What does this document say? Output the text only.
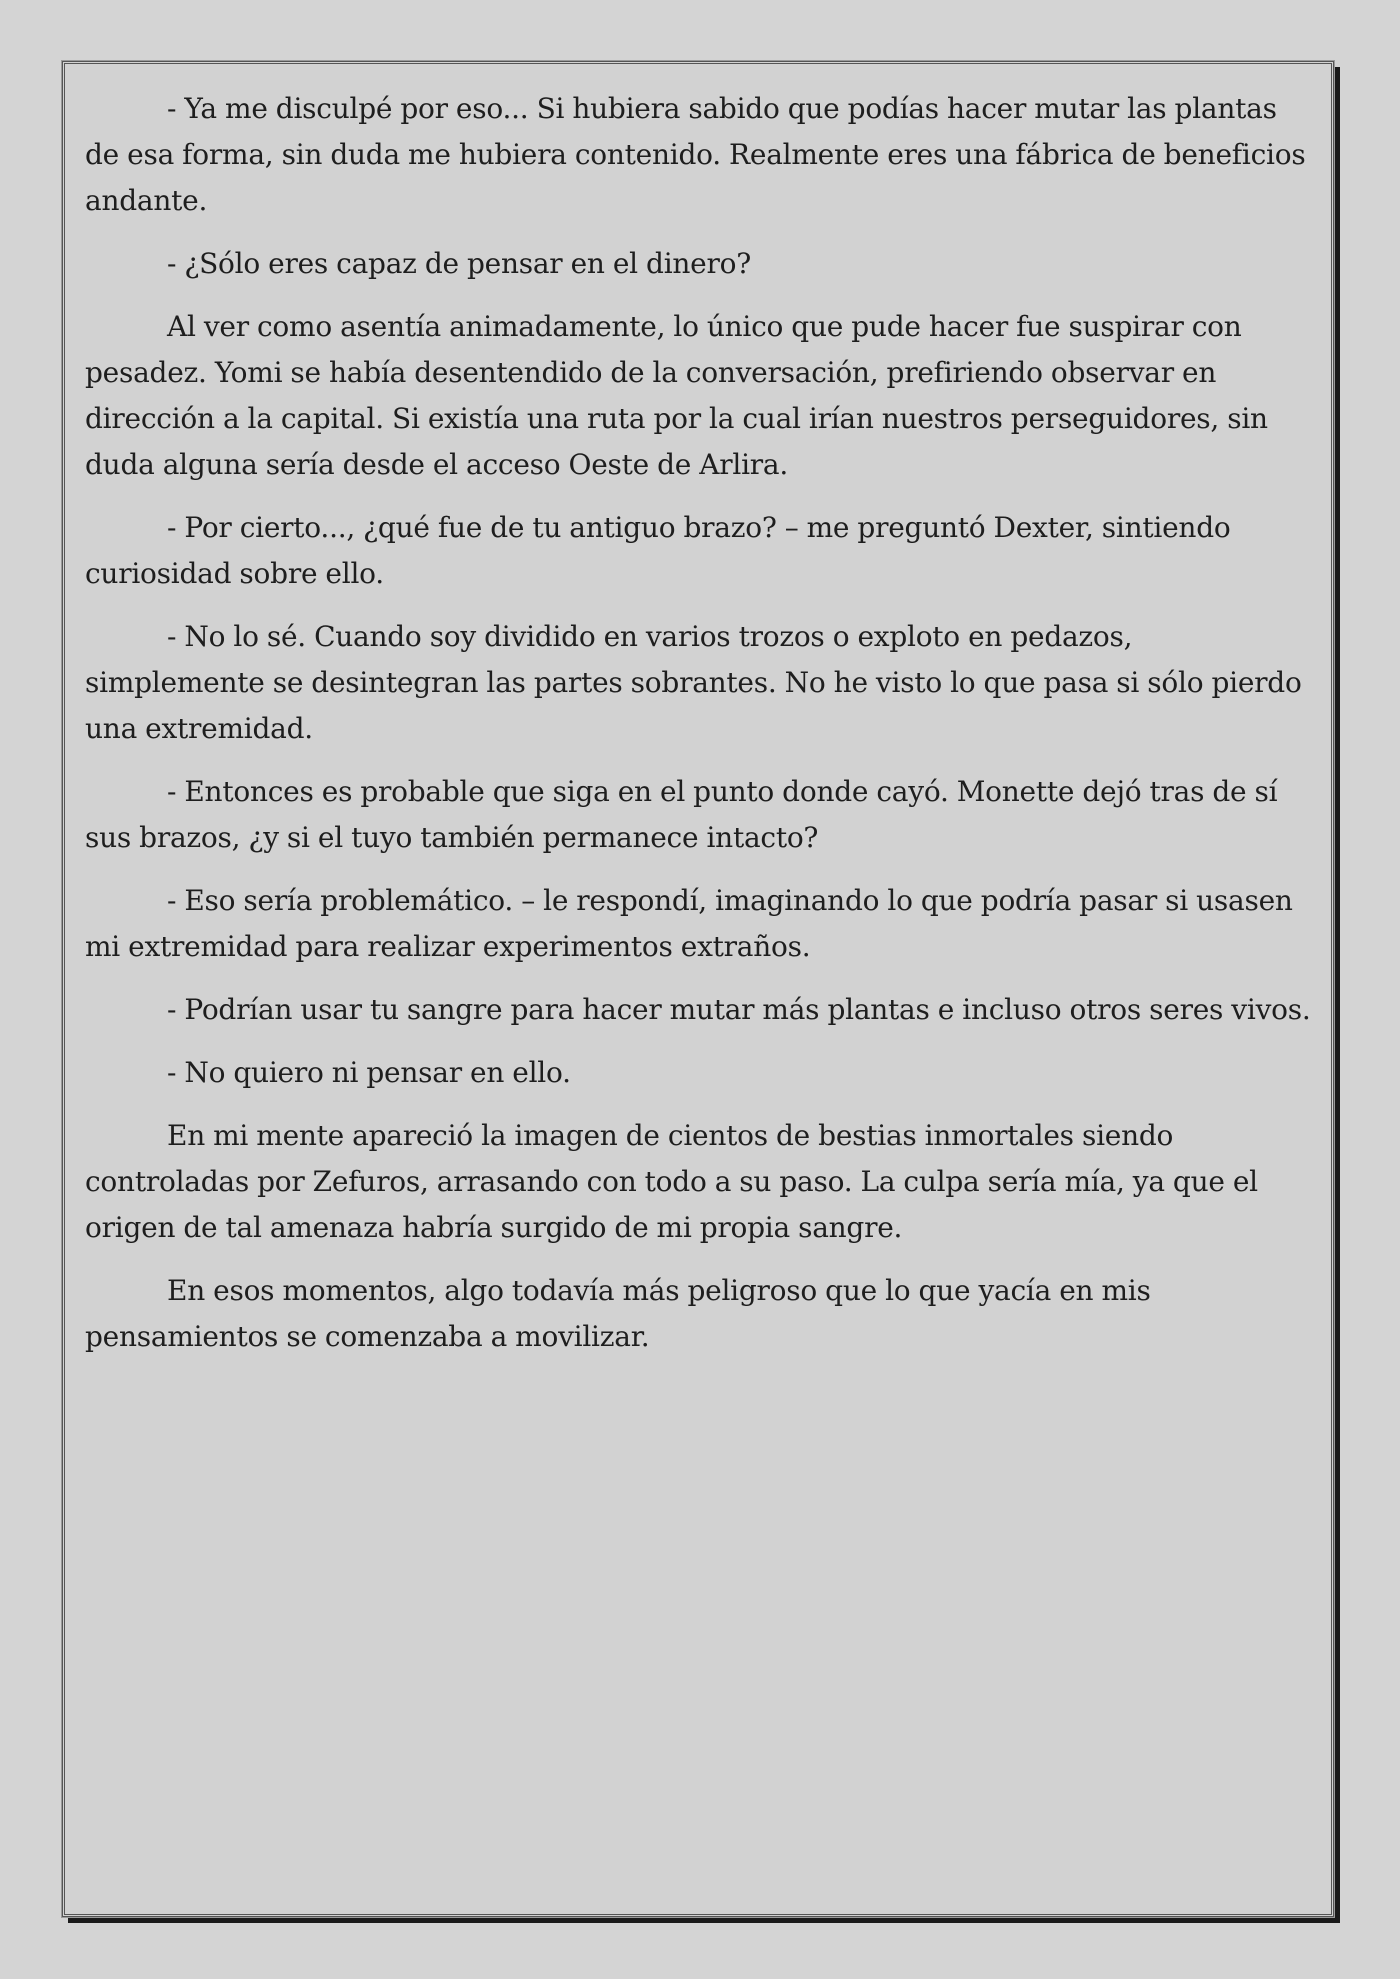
- Ya me disculpé por eso... Si hubiera sabido que podías hacer mutar las plantas de esa forma, sin duda me hubiera contenido. Realmente eres una fábrica de beneficios andante.

- ¿Sólo eres capaz de pensar en el dinero?

Al ver como asentía animadamente, lo único que pude hacer fue suspirar con pesadez. Yomi se había desentendido de la conversación, prefiriendo observar en dirección a la capital. Si existía una ruta por la cual irían nuestros perseguidores, sin duda alguna sería desde el acceso Oeste de Arlira.

- Por cierto..., ¿qué fue de tu antiguo brazo? – me preguntó Dexter, sintiendo curiosidad sobre ello.

- No lo sé. Cuando soy dividido en varios trozos o exploto en pedazos, simplemente se desintegran las partes sobrantes. No he visto lo que pasa si sólo pierdo una extremidad.

- Entonces es probable que siga en el punto donde cayó. Monette dejó tras de sí sus brazos, ¿y si el tuyo también permanece intacto?

- Eso sería problemático. – le respondí, imaginando lo que podría pasar si usasen mi extremidad para realizar experimentos extraños.

- Podrían usar tu sangre para hacer mutar más plantas e incluso otros seres vivos.

- No quiero ni pensar en ello.

En mi mente apareció la imagen de cientos de bestias inmortales siendo controladas por Zefuros, arrasando con todo a su paso. La culpa sería mía, ya que el origen de tal amenaza habría surgido de mi propia sangre.

En esos momentos, algo todavía más peligroso que lo que yacía en mis pensamientos se comenzaba a movilizar.
